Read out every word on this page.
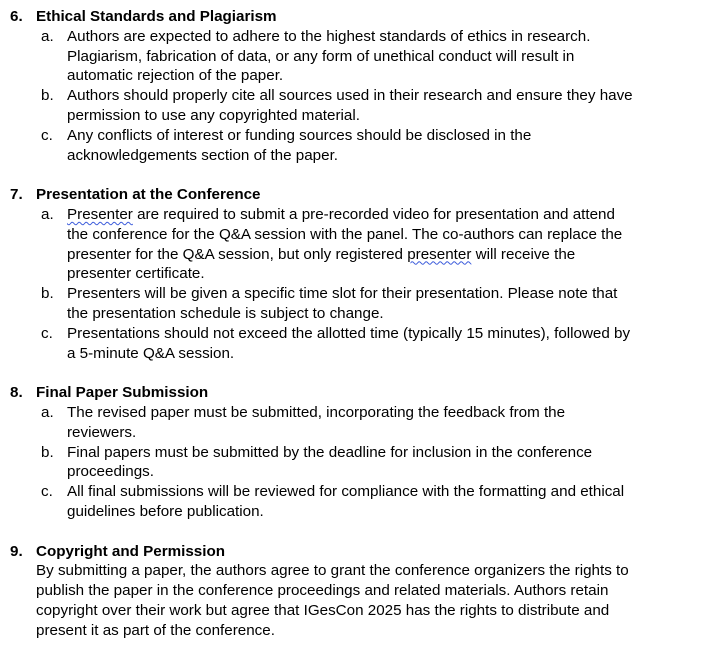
6. Ethical Standards and Plagiarism
a. Authors are expected to adhere to the highest standards of ethics in research. Plagiarism, fabrication of data, or any form of unethical conduct will result in automatic rejection of the paper.
b. Authors should properly cite all sources used in their research and ensure they have permission to use any copyrighted material.
c. Any conflicts of interest or funding sources should be disclosed in the acknowledgements section of the paper.
7. Presentation at the Conference
a. Presenter are required to submit a pre-recorded video for presentation and attend the conference for the Q&A session with the panel. The co-authors can replace the presenter for the Q&A session, but only registered presenter will receive the presenter certificate.
b. Presenters will be given a specific time slot for their presentation. Please note that the presentation schedule is subject to change.
c. Presentations should not exceed the allotted time (typically 15 minutes), followed by a 5-minute Q&A session.
8. Final Paper Submission
a. The revised paper must be submitted, incorporating the feedback from the reviewers.
b. Final papers must be submitted by the deadline for inclusion in the conference proceedings.
c. All final submissions will be reviewed for compliance with the formatting and ethical guidelines before publication.
9. Copyright and Permission
By submitting a paper, the authors agree to grant the conference organizers the rights to publish the paper in the conference proceedings and related materials. Authors retain copyright over their work but agree that IGesCon 2025 has the rights to distribute and present it as part of the conference.
